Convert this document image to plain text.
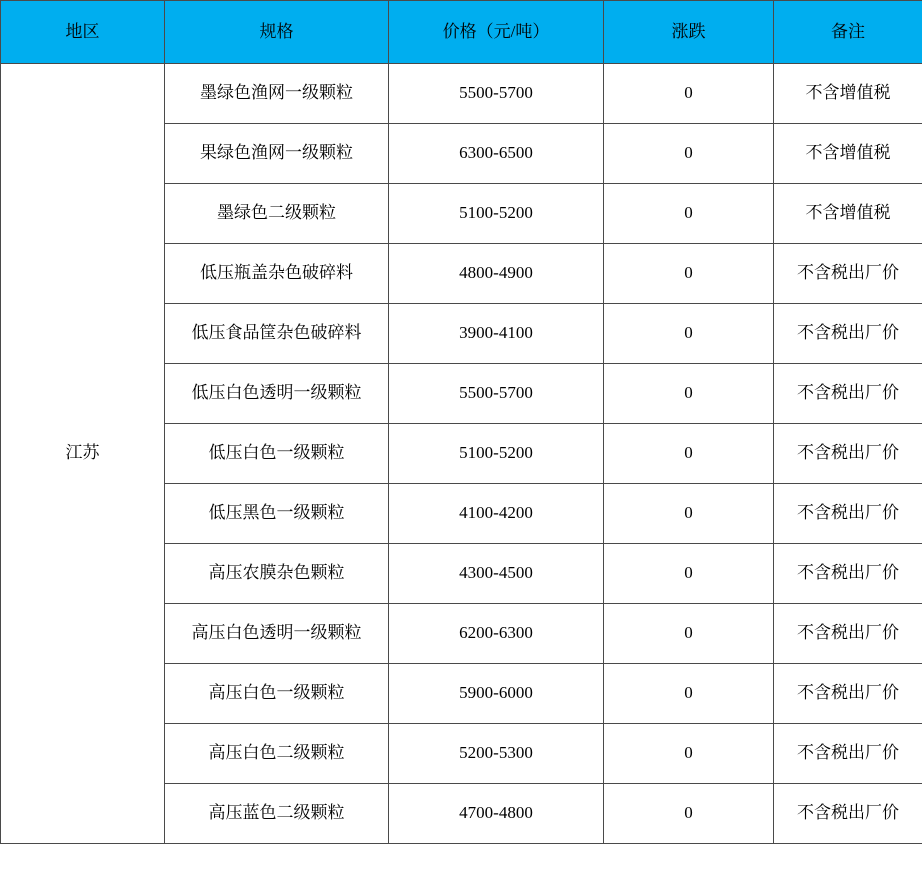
地区	规格	价格（元/吨）	涨跌	备注
江苏	墨绿色渔网一级颗粒	5500-5700	0	不含增值税
	果绿色渔网一级颗粒	6300-6500	0	不含增值税
	墨绿色二级颗粒	5100-5200	0	不含增值税
	低压瓶盖杂色破碎料	4800-4900	0	不含税出厂价
	低压食品筐杂色破碎料	3900-4100	0	不含税出厂价
	低压白色透明一级颗粒	5500-5700	0	不含税出厂价
	低压白色一级颗粒	5100-5200	0	不含税出厂价
	低压黑色一级颗粒	4100-4200	0	不含税出厂价
	高压农膜杂色颗粒	4300-4500	0	不含税出厂价
	高压白色透明一级颗粒	6200-6300	0	不含税出厂价
	高压白色一级颗粒	5900-6000	0	不含税出厂价
	高压白色二级颗粒	5200-5300	0	不含税出厂价
	高压蓝色二级颗粒	4700-4800	0	不含税出厂价
